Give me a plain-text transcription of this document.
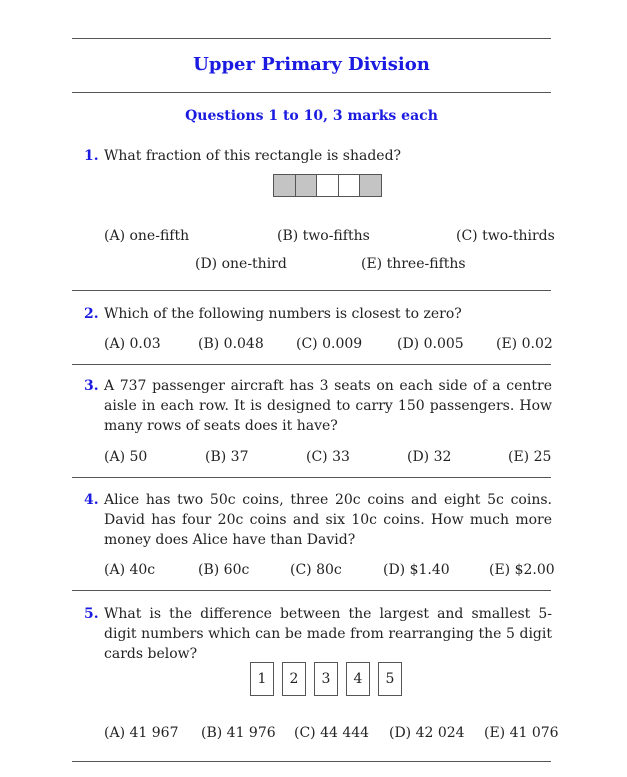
Upper Primary Division
Questions 1 to 10, 3 marks each
1. What fraction of this rectangle is shaded?
(A) one-fifth	(B) two-fifths	(C) two-thirds
(D) one-third	(E) three-fifths
2. Which of the following numbers is closest to zero?
(A) 0.03	(B) 0.048 (C) 0.009 (D) 0.005 (E) 0.02
3. A 737 passenger aircraft has 3 seats on each side of a centre aisle in each row. It is designed to carry 150 passengers. How many rows of seats does it have?
(A) 50	(B) 37	(C) 33	(D) 32	(E) 25
4. Alice has two 50c coins, three 20c coins and eight 5c coins. David has four 20c coins and six 10c coins. How much more money does Alice have than David?
(A) 40c	(B) 60c	(C) 80c	(D) $1.40	(E) $2.00
5. What is the difference between the largest and smallest 5-digit numbers which can be made from rearranging the 5 digit cards below?
1	2	3	4	5
(A) 41 967 (B) 41 976 (C) 44 444 (D) 42 024 (E) 41 076
